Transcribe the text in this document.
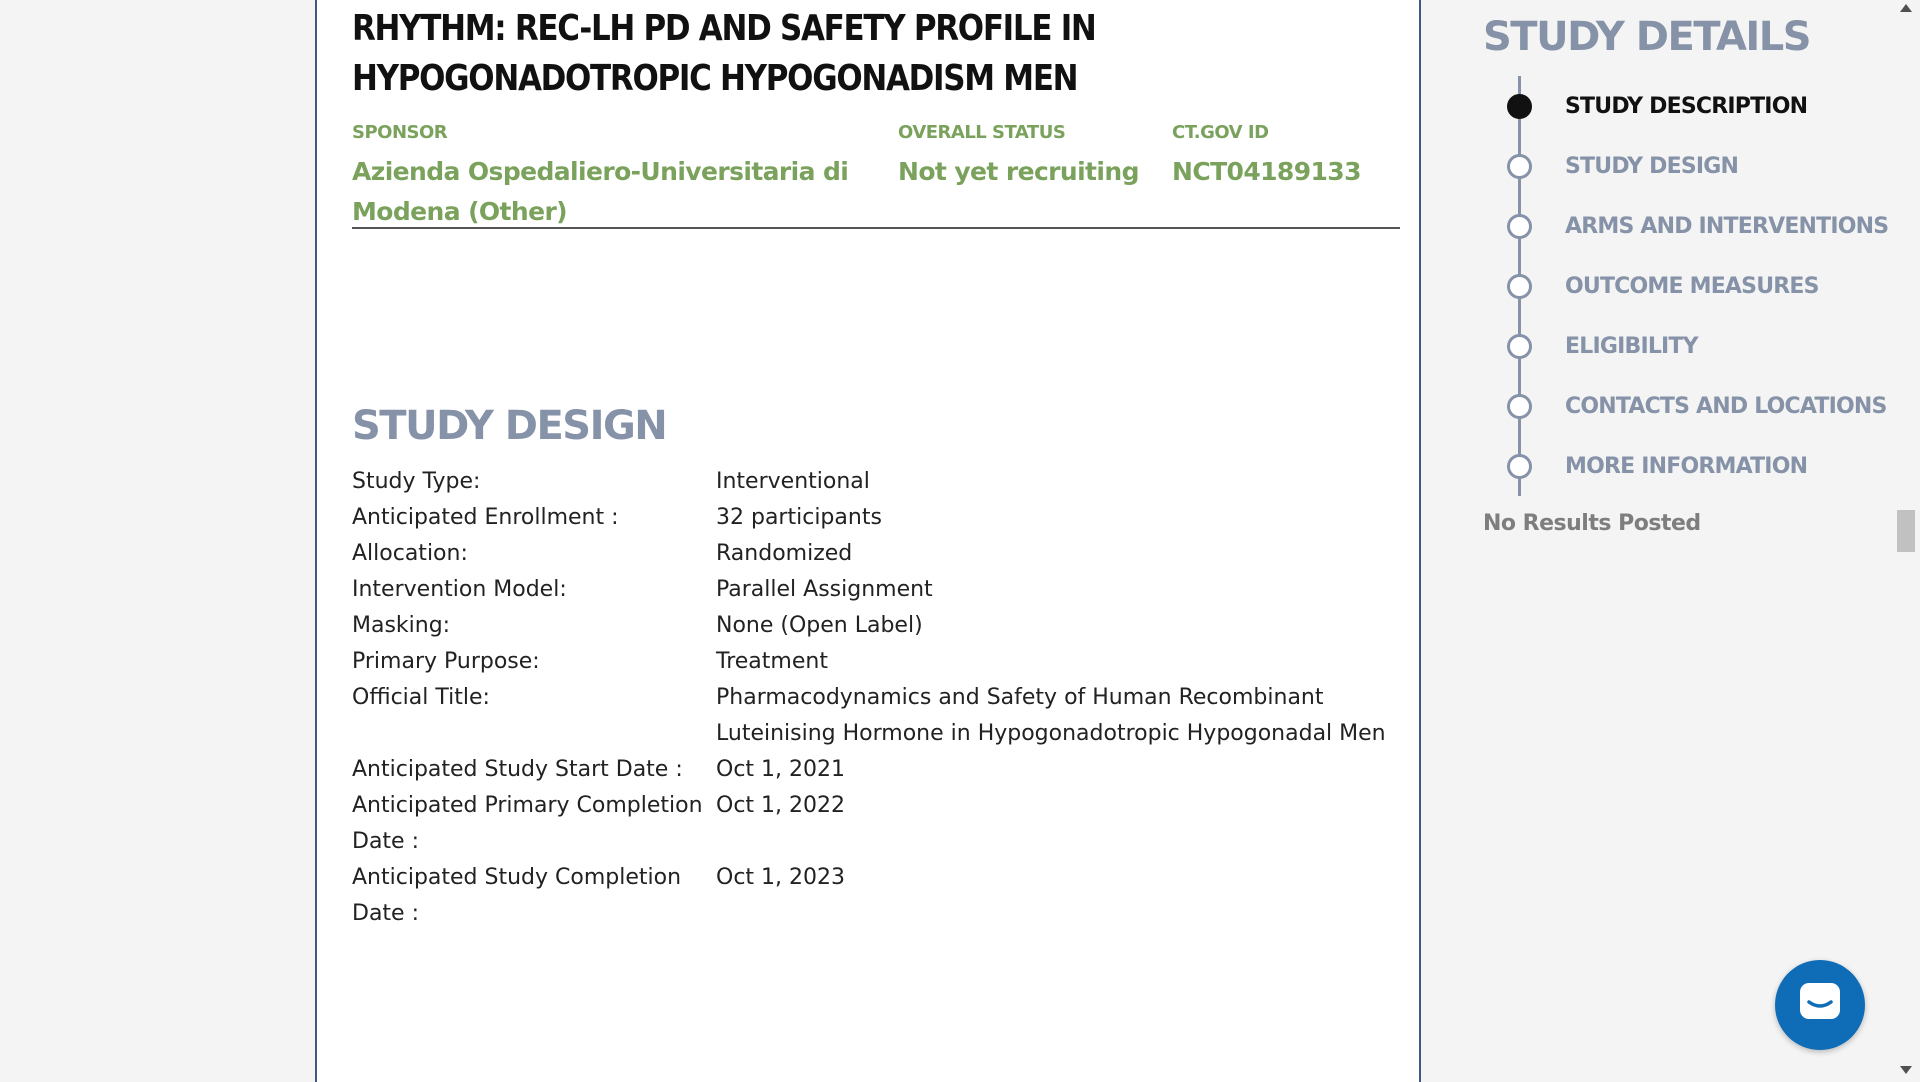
RHYTHM: REC-LH PD AND SAFETY PROFILE IN
HYPOGONADOTROPIC HYPOGONADISM MEN
SPONSOR
Azienda Ospedaliero-Universitaria di Modena (Other)
OVERALL STATUS
Not yet recruiting
CT.GOV ID
NCT04189133
STUDY DESIGN
Study Type:	Interventional
Anticipated Enrollment :	32 participants
Allocation:	Randomized
Intervention Model:	Parallel Assignment
Masking:	None (Open Label)
Primary Purpose:	Treatment
Official Title:	Pharmacodynamics and Safety of Human Recombinant Luteinising Hormone in Hypogonadotropic Hypogonadal Men
Anticipated Study Start Date :	Oct 1, 2021
Anticipated Primary Completion Date :
Oct 1, 2022
Anticipated Study Completion Date :
Oct 1, 2023
STUDY DETAILS
STUDY DESCRIPTION
STUDY DESIGN
ARMS AND INTERVENTIONS
OUTCOME MEASURES
ELIGIBILITY
CONTACTS AND LOCATIONS
MORE INFORMATION
No Results Posted
